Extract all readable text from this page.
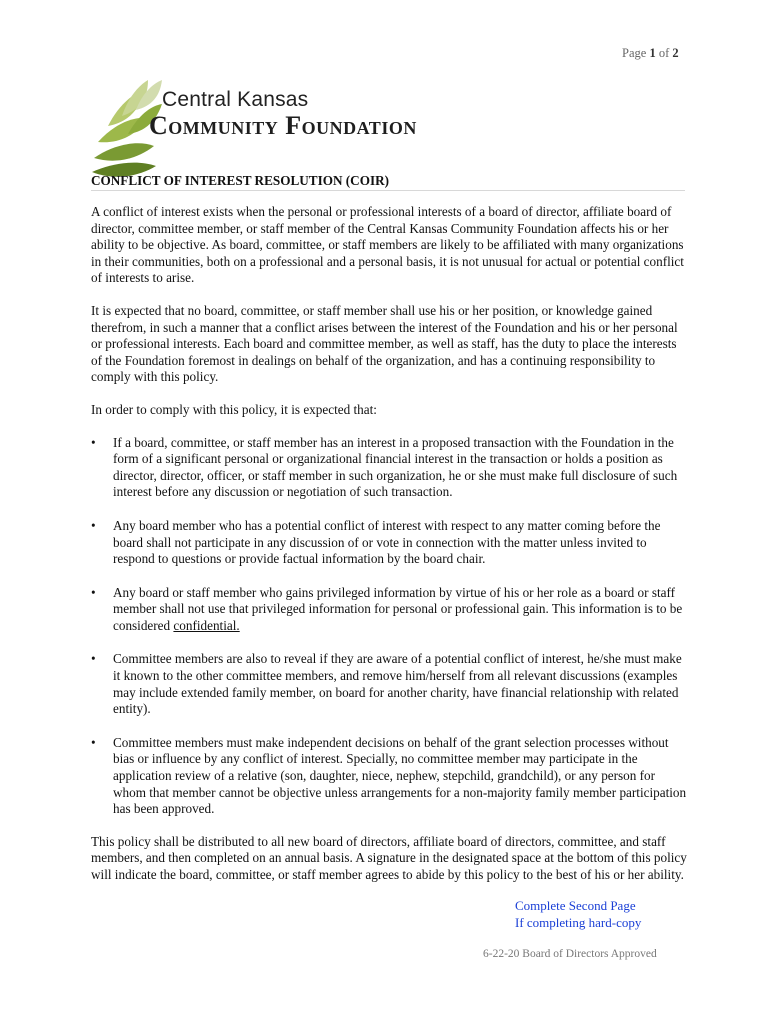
Page 1 of 2
Central Kansas
Community Foundation
CONFLICT OF INTEREST RESOLUTION (COIR)

A conflict of interest exists when the personal or professional interests of a board of director, affiliate board of director, committee member, or staff member of the Central Kansas Community Foundation affects his or her ability to be objective. As board, committee, or staff members are likely to be affiliated with many organizations in their communities, both on a professional and a personal basis, it is not unusual for actual or potential conflict of interests to arise.

It is expected that no board, committee, or staff member shall use his or her position, or knowledge gained therefrom, in such a manner that a conflict arises between the interest of the Foundation and his or her personal or professional interests. Each board and committee member, as well as staff, has the duty to place the interests of the Foundation foremost in dealings on behalf of the organization, and has a continuing responsibility to comply with this policy.

In order to comply with this policy, it is expected that:

• If a board, committee, or staff member has an interest in a proposed transaction with the Foundation in the form of a significant personal or organizational financial interest in the transaction or holds a position as director, director, officer, or staff member in such organization, he or she must make full disclosure of such interest before any discussion or negotiation of such transaction.
• Any board member who has a potential conflict of interest with respect to any matter coming before the board shall not participate in any discussion of or vote in connection with the matter unless invited to respond to questions or provide factual information by the board chair.
• Any board or staff member who gains privileged information by virtue of his or her role as a board or staff member shall not use that privileged information for personal or professional gain. This information is to be considered confidential.
• Committee members are also to reveal if they are aware of a potential conflict of interest, he/she must make it known to the other committee members, and remove him/herself from all relevant discussions (examples may include extended family member, on board for another charity, have financial relationship with related entity).
• Committee members must make independent decisions on behalf of the grant selection processes without bias or influence by any conflict of interest. Specially, no committee member may participate in the application review of a relative (son, daughter, niece, nephew, stepchild, grandchild), or any person for whom that member cannot be objective unless arrangements for a non-majority family member participation has been approved.

This policy shall be distributed to all new board of directors, affiliate board of directors, committee, and staff members, and then completed on an annual basis. A signature in the designated space at the bottom of this policy will indicate the board, committee, or staff member agrees to abide by this policy to the best of his or her ability.

Complete Second Page
If completing hard-copy
6-22-20 Board of Directors Approved
